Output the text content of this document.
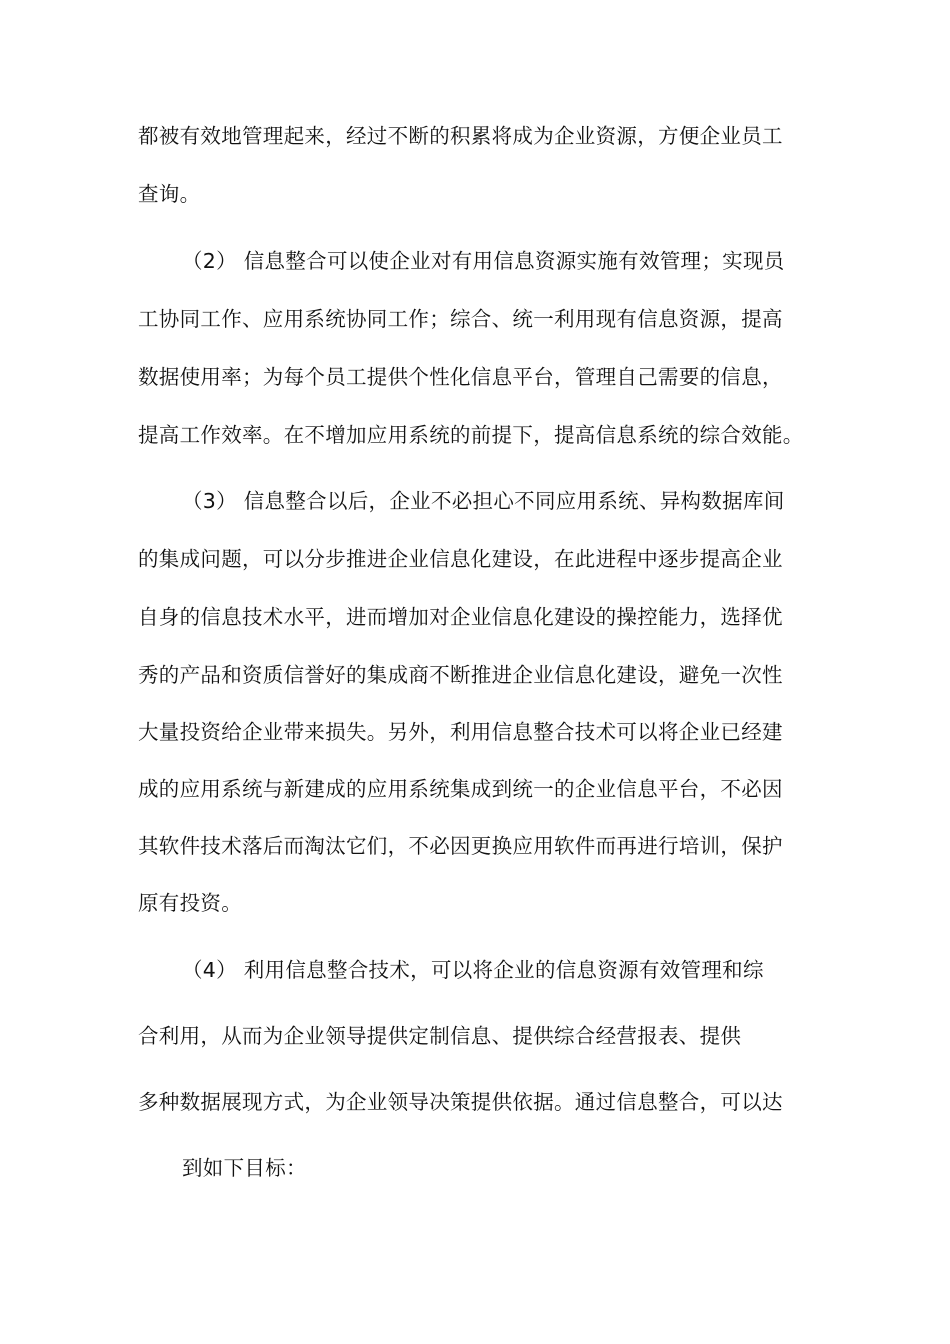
都被有效地管理起来，经过不断的积累将成为企业资源，方便企业员工
查询。
（2） 信息整合可以使企业对有用信息资源实施有效管理；实现员
工协同工作、应用系统协同工作；综合、统一利用现有信息资源，提高
数据使用率；为每个员工提供个性化信息平台，管理自己需要的信息，
提高工作效率。在不增加应用系统的前提下，提高信息系统的综合效能。
（3） 信息整合以后，企业不必担心不同应用系统、异构数据库间
的集成问题，可以分步推进企业信息化建设，在此进程中逐步提高企业
自身的信息技术水平，进而增加对企业信息化建设的操控能力，选择优
秀的产品和资质信誉好的集成商不断推进企业信息化建设，避免一次性
大量投资给企业带来损失。另外，利用信息整合技术可以将企业已经建
成的应用系统与新建成的应用系统集成到统一的企业信息平台，不必因
其软件技术落后而淘汰它们，不必因更换应用软件而再进行培训，保护
原有投资。
（4） 利用信息整合技术，可以将企业的信息资源有效管理和综
合利用，从而为企业领导提供定制信息、提供综合经营报表、提供
多种数据展现方式，为企业领导决策提供依据。通过信息整合，可以达
到如下目标：
